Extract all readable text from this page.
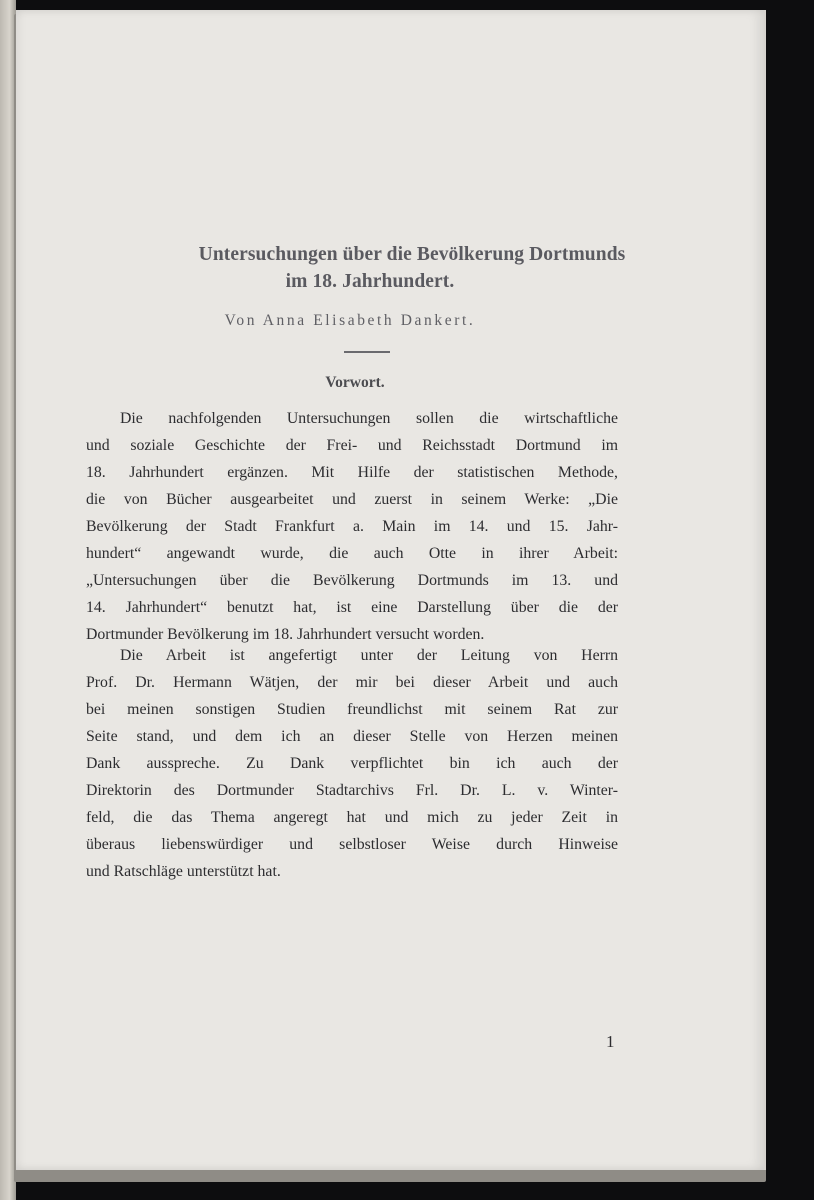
Untersuchungen über die Bevölkerung Dortmunds
im 18. Jahrhundert.
Von Anna Elisabeth Dankert.
Vorwort.
Die nachfolgenden Untersuchungen sollen die wirtschaftliche
und soziale Geschichte der Frei- und Reichsstadt Dortmund im
18. Jahrhundert ergänzen. Mit Hilfe der statistischen Methode,
die von Bücher ausgearbeitet und zuerst in seinem Werke: „Die
Bevölkerung der Stadt Frankfurt a. Main im 14. und 15. Jahr-
hundert“ angewandt wurde, die auch Otte in ihrer Arbeit:
„Untersuchungen über die Bevölkerung Dortmunds im 13. und
14. Jahrhundert“ benutzt hat, ist eine Darstellung über die der
Dortmunder Bevölkerung im 18. Jahrhundert versucht worden.
Die Arbeit ist angefertigt unter der Leitung von Herrn
Prof. Dr. Hermann Wätjen, der mir bei dieser Arbeit und auch
bei meinen sonstigen Studien freundlichst mit seinem Rat zur
Seite stand, und dem ich an dieser Stelle von Herzen meinen
Dank ausspreche. Zu Dank verpflichtet bin ich auch der
Direktorin des Dortmunder Stadtarchivs Frl. Dr. L. v. Winter-
feld, die das Thema angeregt hat und mich zu jeder Zeit in
überaus liebenswürdiger und selbstloser Weise durch Hinweise
und Ratschläge unterstützt hat.
1
